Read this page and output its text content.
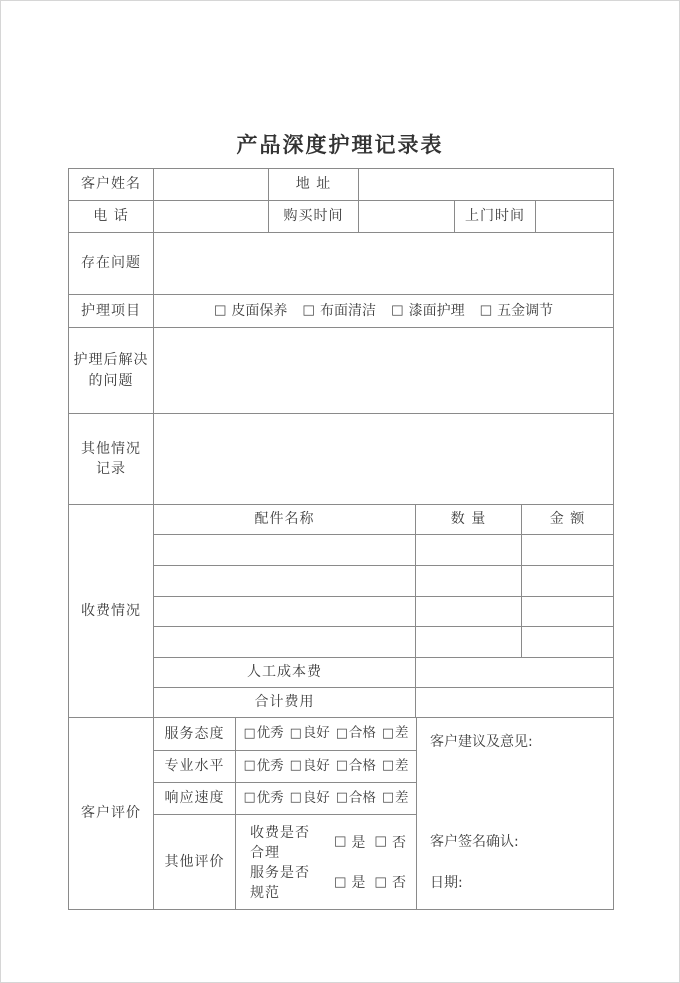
产品深度护理记录表
客户姓名	地 址
电 话	购买时间	上门时间
存在问题
护理项目	□ 皮面保养 □ 布面清洁 □ 漆面护理 □ 五金调节
护理后解决
的问题
其他情况
记录
收费情况
配件名称	数 量	金 额
人工成本费
合计费用
客户评价
服务态度	□ 优秀 □ 良好 □ 合格 □ 差
专业水平	□ 优秀 □ 良好 □ 合格 □ 差
响应速度	□ 优秀 □ 良好 □ 合格 □ 差
其他评价
收费是否合理
□ 是 □ 否
服务是否规范
□ 是 □ 否
客户建议及意见:
客户签名确认:
日期:
